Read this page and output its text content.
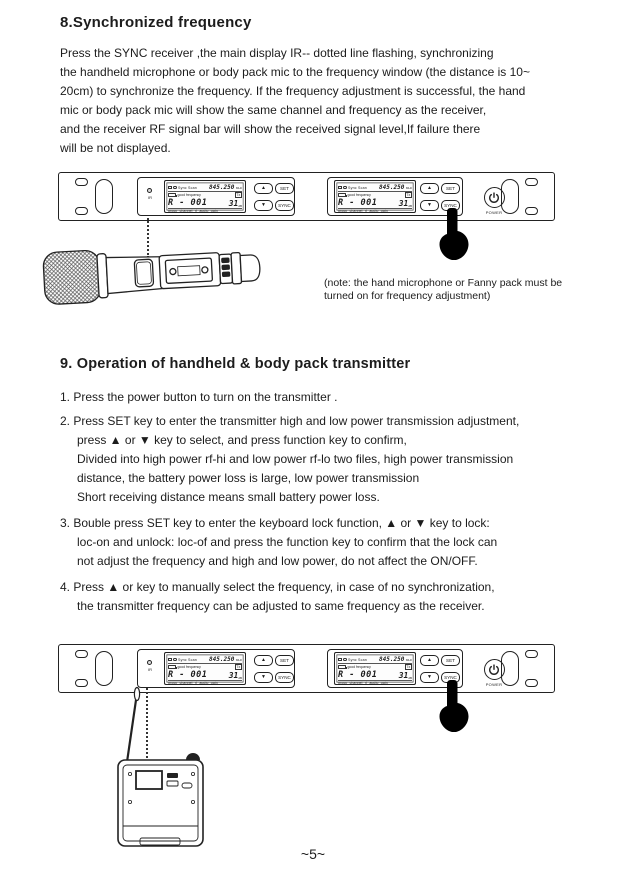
8.Synchronized frequency
Press the SYNC receiver ,the main display IR-- dotted line flashing, synchronizing
the handheld microphone or body pack mic to the frequency window (the distance is 10~
20cm) to synchronize the frequency. If the frequency adjustment is successful, the hand
mic or body pack mic will show the same channel and frequency as the receiver,
and the receiver RF signal bar will show the received signal level,If failure there
will be not displayed.
IR
Sync Scan 845.250 MHz
good frequency	Tx
R - 001	31 dB
group  channel  rf  audio  gain
▲	SET
▼	SYNC
Sync Scan 845.250 MHz
good frequency	Tx
R - 001	31 dB
group  channel  rf  audio  gain
▲	SET
▼	SYNC
POWER
(note: the hand microphone or Fanny pack must be
turned on for frequency adjustment)
9. Operation of handheld & body pack transmitter
1. Press the power button to turn on the transmitter .
2. Press SET key to enter the transmitter high and low power transmission adjustment,
press ▲ or ▼ key to select, and press function key to confirm,
Divided into high power rf-hi and low power rf-lo two files, high power transmission
distance, the battery power loss is large, low power transmission
Short receiving distance means small battery power loss.
3. Bouble press SET key to enter the keyboard lock function, ▲ or ▼ key to lock:
loc-on and unlock: loc-of and press the function key to confirm that the lock can
not adjust the frequency and high and low power, do not affect the ON/OFF.
4. Press ▲ or key to manually select the frequency, in case of no synchronization,
the transmitter frequency can be adjusted to same frequency as the receiver.
IR
Sync Scan 845.250 MHz
good frequency	Tx
R - 001	31 dB
group  channel  rf  audio  gain
▲	SET
▼	SYNC
Sync Scan 845.250 MHz
good frequency	Tx
R - 001	31 dB
group  channel  rf  audio  gain
▲	SET
▼	SYNC
POWER
~5~
